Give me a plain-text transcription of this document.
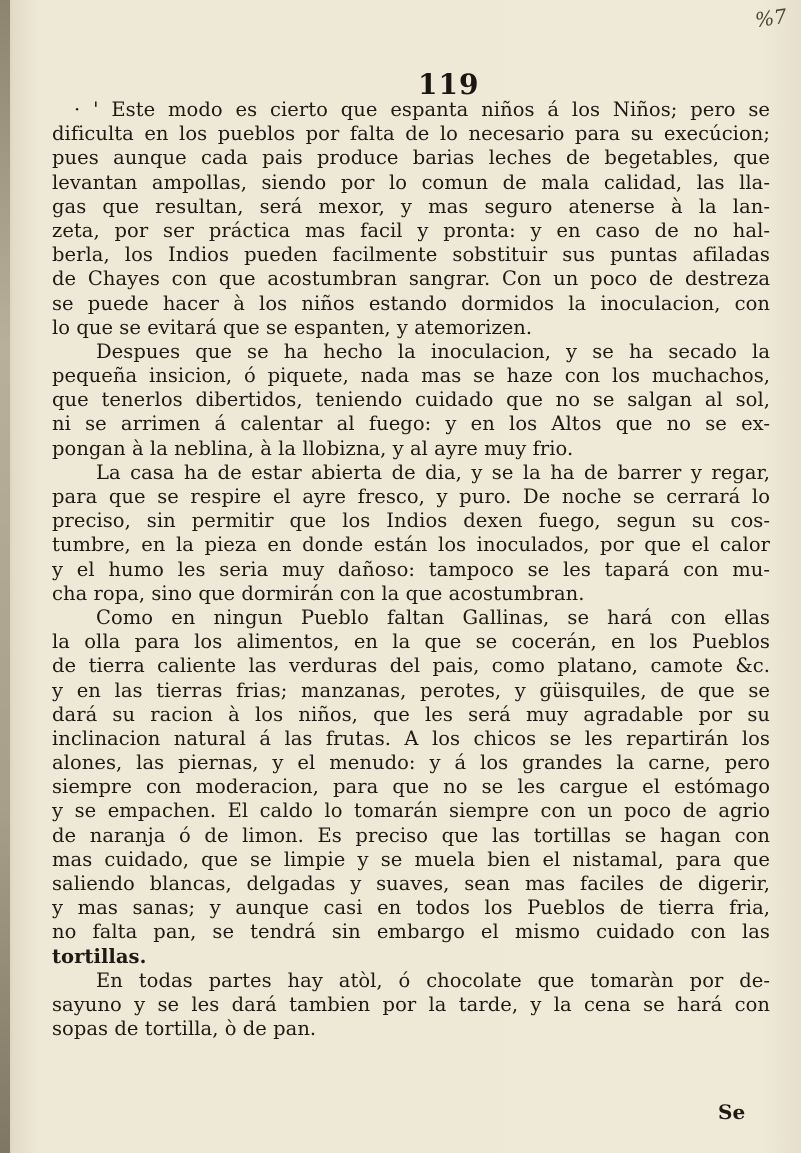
%7
119
· ' Este modo es cierto que espanta niños á los Niños; pero se
dificulta en los pueblos por falta de lo necesario para su execúcion;
pues aunque cada pais produce barias leches de begetables, que
levantan ampollas, siendo por lo comun de mala calidad, las lla-
gas que resultan, será mexor, y mas seguro atenerse à la lan-
zeta, por ser práctica mas facil y pronta: y en caso de no hal-
berla, los Indios pueden facilmente sobstituir sus puntas afiladas
de Chayes con que acostumbran sangrar. Con un poco de destreza
se puede hacer à los niños estando dormidos la inoculacion, con
lo que se evitará que se espanten, y atemorizen.
Despues que se ha hecho la inoculacion, y se ha secado la
pequeña insicion, ó piquete, nada mas se haze con los muchachos,
que tenerlos dibertidos, teniendo cuidado que no se salgan al sol,
ni se arrimen á calentar al fuego: y en los Altos que no se ex-
pongan à la neblina, à la llobizna, y al ayre muy frio.
La casa ha de estar abierta de dia, y se la ha de barrer y regar,
para que se respire el ayre fresco, y puro. De noche se cerrará lo
preciso, sin permitir que los Indios dexen fuego, segun su cos-
tumbre, en la pieza en donde están los inoculados, por que el calor
y el humo les seria muy dañoso: tampoco se les tapará con mu-
cha ropa, sino que dormirán con la que acostumbran.
Como en ningun Pueblo faltan Gallinas, se hará con ellas
la olla para los alimentos, en la que se cocerán, en los Pueblos
de tierra caliente las verduras del pais, como platano, camote &c.
y en las tierras frias; manzanas, perotes, y güisquiles, de que se
dará su racion à los niños, que les será muy agradable por su
inclinacion natural á las frutas. A los chicos se les repartirán los
alones, las piernas, y el menudo: y á los grandes la carne, pero
siempre con moderacion, para que no se les cargue el estómago
y se empachen. El caldo lo tomarán siempre con un poco de agrio
de naranja ó de limon. Es preciso que las tortillas se hagan con
mas cuidado, que se limpie y se muela bien el nistamal, para que
saliendo blancas, delgadas y suaves, sean mas faciles de digerir,
y mas sanas; y aunque casi en todos los Pueblos de tierra fria,
no falta pan, se tendrá sin embargo el mismo cuidado con las
tortillas.
En todas partes hay atòl, ó chocolate que tomaràn por de-
sayuno y se les dará tambien por la tarde, y la cena se hará con
sopas de tortilla, ò de pan.
Se
